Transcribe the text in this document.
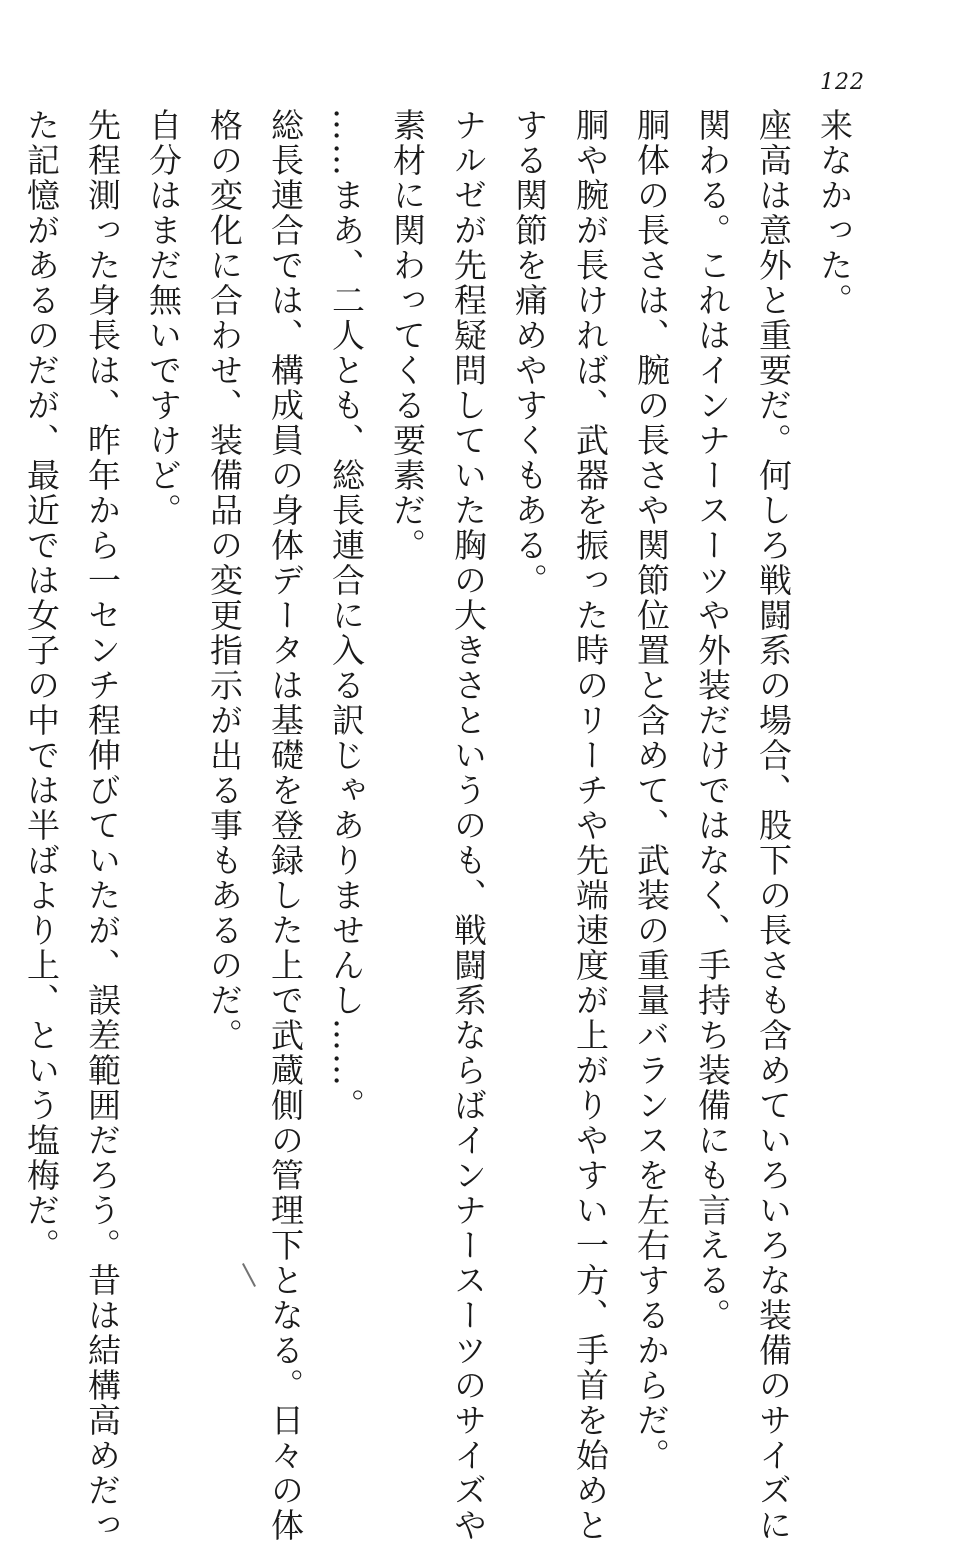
122
来なかった。
座高は意外と重要だ。何しろ戦闘系の場合、股下の長さも含めていろいろな装備のサイズに
関わる。これはインナースーツや外装だけではなく、手持ち装備にも言える。
胴体の長さは、腕の長さや関節位置と含めて、武装の重量バランスを左右するからだ。
胴や腕が長ければ、武器を振った時のリーチや先端速度が上がりやすい一方、手首を始めと
する関節を痛めやすくもある。
ナルゼが先程疑問していた胸の大きさというのも、戦闘系ならばインナースーツのサイズや
素材に関わってくる要素だ。
……まあ、二人とも、総長連合に入る訳じゃありませんし……。
総長連合では、構成員の身体データは基礎を登録した上で武蔵側の管理下となる。日々の体
格の変化に合わせ、装備品の変更指示が出る事もあるのだ。
自分はまだ無いですけど。
先程測った身長は、昨年から一センチ程伸びていたが、誤差範囲だろう。昔は結構高めだっ
た記憶があるのだが、最近では女子の中では半ばより上、という塩梅だ。
